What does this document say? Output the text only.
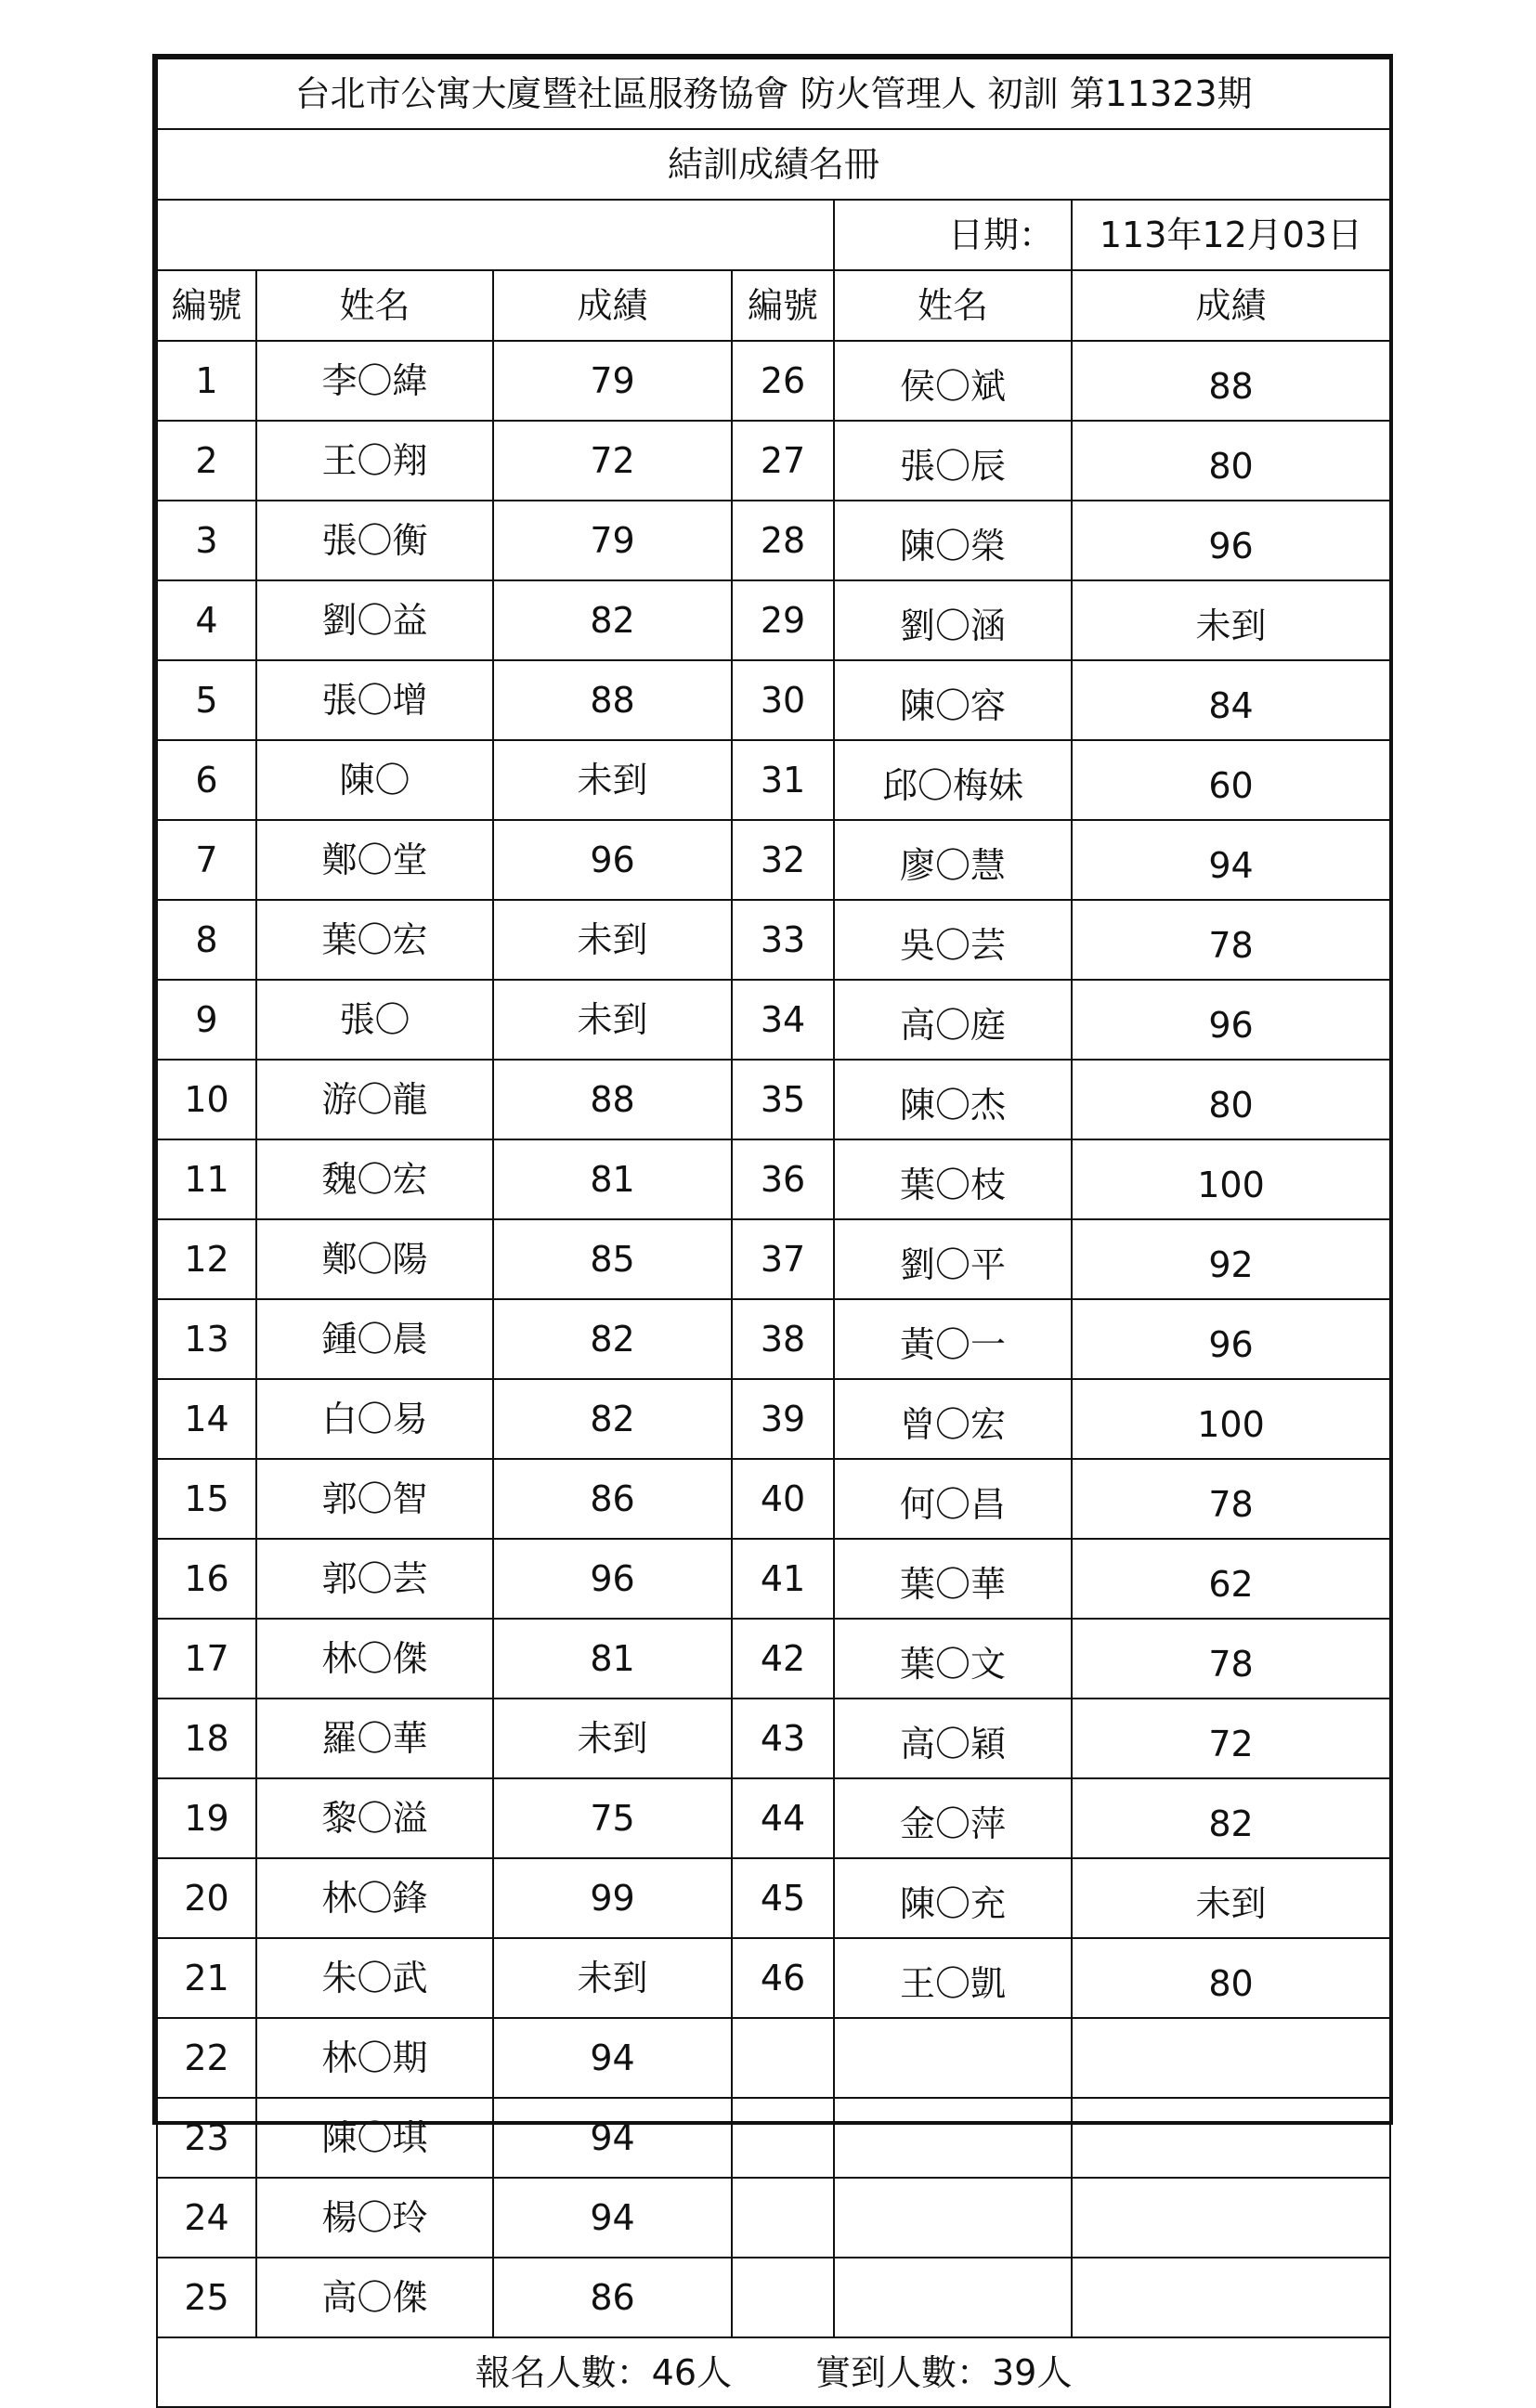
台北市公寓大廈暨社區服務協會 防火管理人 初訓 第11323期					
結訓成績名冊					
				日期：	113年12月03日
編號	姓名	成績	編號	姓名	成績
1	李〇緯	79	26	侯〇斌	88
2	王〇翔	72	27	張〇辰	80
3	張〇衡	79	28	陳〇榮	96
4	劉〇益	82	29	劉〇涵	未到
5	張〇增	88	30	陳〇容	84
6	陳〇	未到	31	邱〇梅妹	60
7	鄭〇堂	96	32	廖〇慧	94
8	葉〇宏	未到	33	吳〇芸	78
9	張〇	未到	34	高〇庭	96
10	游〇龍	88	35	陳〇杰	80
11	魏〇宏	81	36	葉〇枝	100
12	鄭〇陽	85	37	劉〇平	92
13	鍾〇晨	82	38	黃〇一	96
14	白〇易	82	39	曾〇宏	100
15	郭〇智	86	40	何〇昌	78
16	郭〇芸	96	41	葉〇華	62
17	林〇傑	81	42	葉〇文	78
18	羅〇華	未到	43	高〇穎	72
19	黎〇溢	75	44	金〇萍	82
20	林〇鋒	99	45	陳〇充	未到
21	朱〇武	未到	46	王〇凱	80
22	林〇期	94			
23	陳〇琪	94			
24	楊〇玲	94			
25	高〇傑	86			
報名人數：46人 實到人數：39人					
